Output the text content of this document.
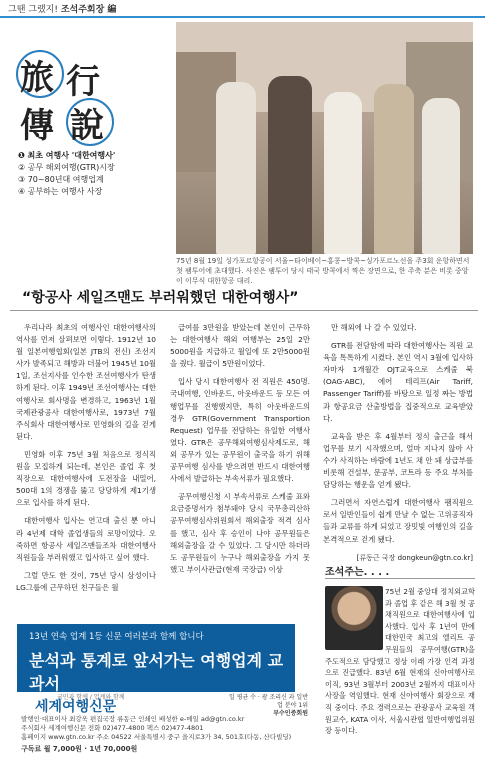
그땐 그랬지! 조석주회장 編
旅 行
傳 說
❶ 최초 여행사 '대한여행사'
② 공무 해외여행(GTR)시장
③ 70~80년대 여행업계
④ 공부하는 여행사 사장
75년 8월 19일 싱가포르항공이 서울~타이베이~홍콩~방콕~싱가포르노선을 주3회 운항하면서 첫 팸투어에 초대했다. 사진은 팸투어 당시 태국 방콕에서 찍은 장면으로, 한 주축 분은 비롯 중앙이 이무식 대한항공 대리.
“항공사 세일즈맨도 부러워했던 대한여행사”

우리나라 최초의 여행사인 대한여행사의 역사를 먼저 살펴보면 이렇다. 1912년 10월 일본여행협회(일본 JTB의 전신) 조선지사가 발족되고 해방과 더불어 1945년 10월 1일, 조선지사를 인수한 조선여행사가 탄생하게 된다. 이후 1949년 조선여행사는 대한여행사로 회사명을 변경하고, 1963년 1월 국제관광공사 대한여행사로, 1973년 7월 주식회사 대한여행사로 민영화의 길을 걷게 된다.

민영화 이후 75년 3월 처음으로 정식직원을 모집하게 되는데, 본인은 졸업 후 첫 직장으로 대한여행사에 도전장을 내밀어, 500대 1의 경쟁을 뚫고 당당하게 제1기생으로 입사를 하게 된다.

대한여행사 입사는 연고대 출신 뿐 아니라 4년제 대학 졸업생들의 로망이었다. 오죽하면 항공사 세일즈맨들조차 대한여행사 직원들을 부러워했고 입사하고 싶어 했다.

그럴 만도 한 것이, 75년 당시 삼성이나 LG그룹에 근무하던 친구들은 월

급여를 3만원을 받았는데 본인이 근무하는 대한여행사 해외 여행부는 25일 2만5000원을 지급하고 월일에 또 2만5000원을 줬다. 월급이 5만원이었다.

입사 당시 대한여행사 전 직원은 450명. 국내여행, 인바운드, 아웃바운드 등 모든 여행업무를 진행했지만, 특히 아웃바운드의 경우 GTR(Government Transportion Request) 업무를 전담하는 유일한 여행사였다. GTR은 공무해외여행심사제도로, 해외 공무가 있는 공무원이 출국을 하기 위해 공무여행 심사를 받으려면 반드시 대한여행사에서 발급하는 부속서류가 필요했다.

공무여행신청 시 부속서류로 스케줄 표와 요금증명서가 첨부돼야 당시 국무총리산하 공무여행심사위원회서 해외출장 적격 심사를 했고, 심사 후 승인이 나야 공무원들은 해외출장을 갈 수 있었다. 그 당시만 하더라도 공무원들이 누구나 해외출장을 가지 못했고 부이사관급(현재 국장급) 이상

만 해외에 나 갈 수 있었다.

GTR를 전담함에 따라 대한여행사는 직원 교육을 톡톡하게 시켰다. 본인 역시 3월에 입사하자마자 1개월간 OJT교육으로 스케줄 북(OAG·ABC), 에어 테리프(Air Tariff, Passenger Tariff)를 바탕으로 일정 짜는 방법과 항공요금 산출방법을 집중적으로 교육받았다.

교육을 받은 후 4월부터 정식 출근을 해서 업무를 보기 시작했으며, 얼마 지나지 않아 사수가 사직하는 바람에 1년도 채 안 돼 상급부를 비롯해 건설부, 문공부, 코트라 등 주요 부처를 담당하는 행운을 얻게 됐다.

그러면서 자연스럽게 대한여행사 팸직원으로서 일반인들이 쉽게 만날 수 없는 고위공직자들과 교류를 하게 되었고 장밋빛 여행인의 길을 본격적으로 걷게 됐다.

[류동근 국장 dongkeun@gtn.co.kr]
조석주는. . . .
75년 2월 중앙대 정치외교학과 졸업 후 같은 해 3월 첫 공채직원으로 대한여행사에 입사했다. 입사 후 1년여 만에 대한민국 최고의 엘리트 공무원들의 공무여행(GTR)을 주도적으로 담당했고 정상 이래 가장 인격 과정으로 진급했다. 83년 6월 현재의 신아여행사로 이직, 93년 3월부터 2003년 2월까지 대표이사 사장을 역임했다. 현재 신아여행사 회장으로 재직 중이다. 주요 경력으로는 관광공사 교육원 객원교수, KATA 이사, 서울시관협 일반여행업위원장 등이다.
13년 연속 업계 1등 신문 여러분과 함께 합니다
분석과 통계로 앞서가는 여행업계 교과서
국민과 함께 / 업계와 함께
세계여행신문
일 평균 수 · 광 조리신 과 일반 업 분야 1위
부수인증회원
발행인·대표이사 최강욱 편집국장 류동근 인쇄인 배성한 e-메일 ad@gtn.co.kr
주식회사 세계여행신문 전화 02)477-4800 팩스 02)477-4801
홈페이지 www.gtn.co.kr 주소 04522 서울특별시 중구 을지로3가 34, 501호(다동, 산다빌딩)
구독료 월 7,000원 · 1년 70,000원
